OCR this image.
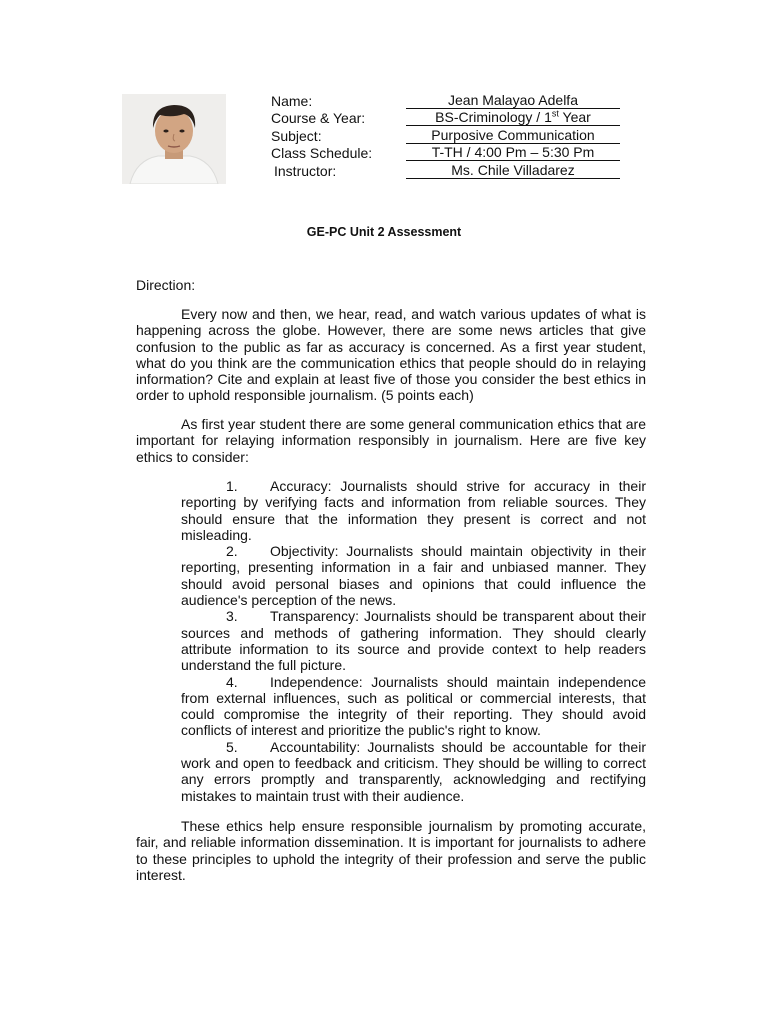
Name:	Jean Malayao Adelfa
Course & Year:	BS-Criminology / 1st Year
Subject:	Purposive Communication
Class Schedule:	T-TH / 4:00 Pm – 5:30 Pm
Instructor:	Ms. Chile Villadarez
GE-PC Unit 2 Assessment

Direction:

Every now and then, we hear, read, and watch various updates of what is happening across the globe. However, there are some news articles that give confusion to the public as far as accuracy is concerned. As a first year student, what do you think are the communication ethics that people should do in relaying information? Cite and explain at least five of those you consider the best ethics in order to uphold responsible journalism. (5 points each)

As first year student there are some general communication ethics that are important for relaying information responsibly in journalism. Here are five key ethics to consider:

1. Accuracy: Journalists should strive for accuracy in their reporting by verifying facts and information from reliable sources. They should ensure that the information they present is correct and not misleading.

2. Objectivity: Journalists should maintain objectivity in their reporting, presenting information in a fair and unbiased manner. They should avoid personal biases and opinions that could influence the audience's perception of the news.

3. Transparency: Journalists should be transparent about their sources and methods of gathering information. They should clearly attribute information to its source and provide context to help readers understand the full picture.

4. Independence: Journalists should maintain independence from external influences, such as political or commercial interests, that could compromise the integrity of their reporting. They should avoid conflicts of interest and prioritize the public's right to know.

5. Accountability: Journalists should be accountable for their work and open to feedback and criticism. They should be willing to correct any errors promptly and transparently, acknowledging and rectifying mistakes to maintain trust with their audience.

These ethics help ensure responsible journalism by promoting accurate, fair, and reliable information dissemination. It is important for journalists to adhere to these principles to uphold the integrity of their profession and serve the public interest.
